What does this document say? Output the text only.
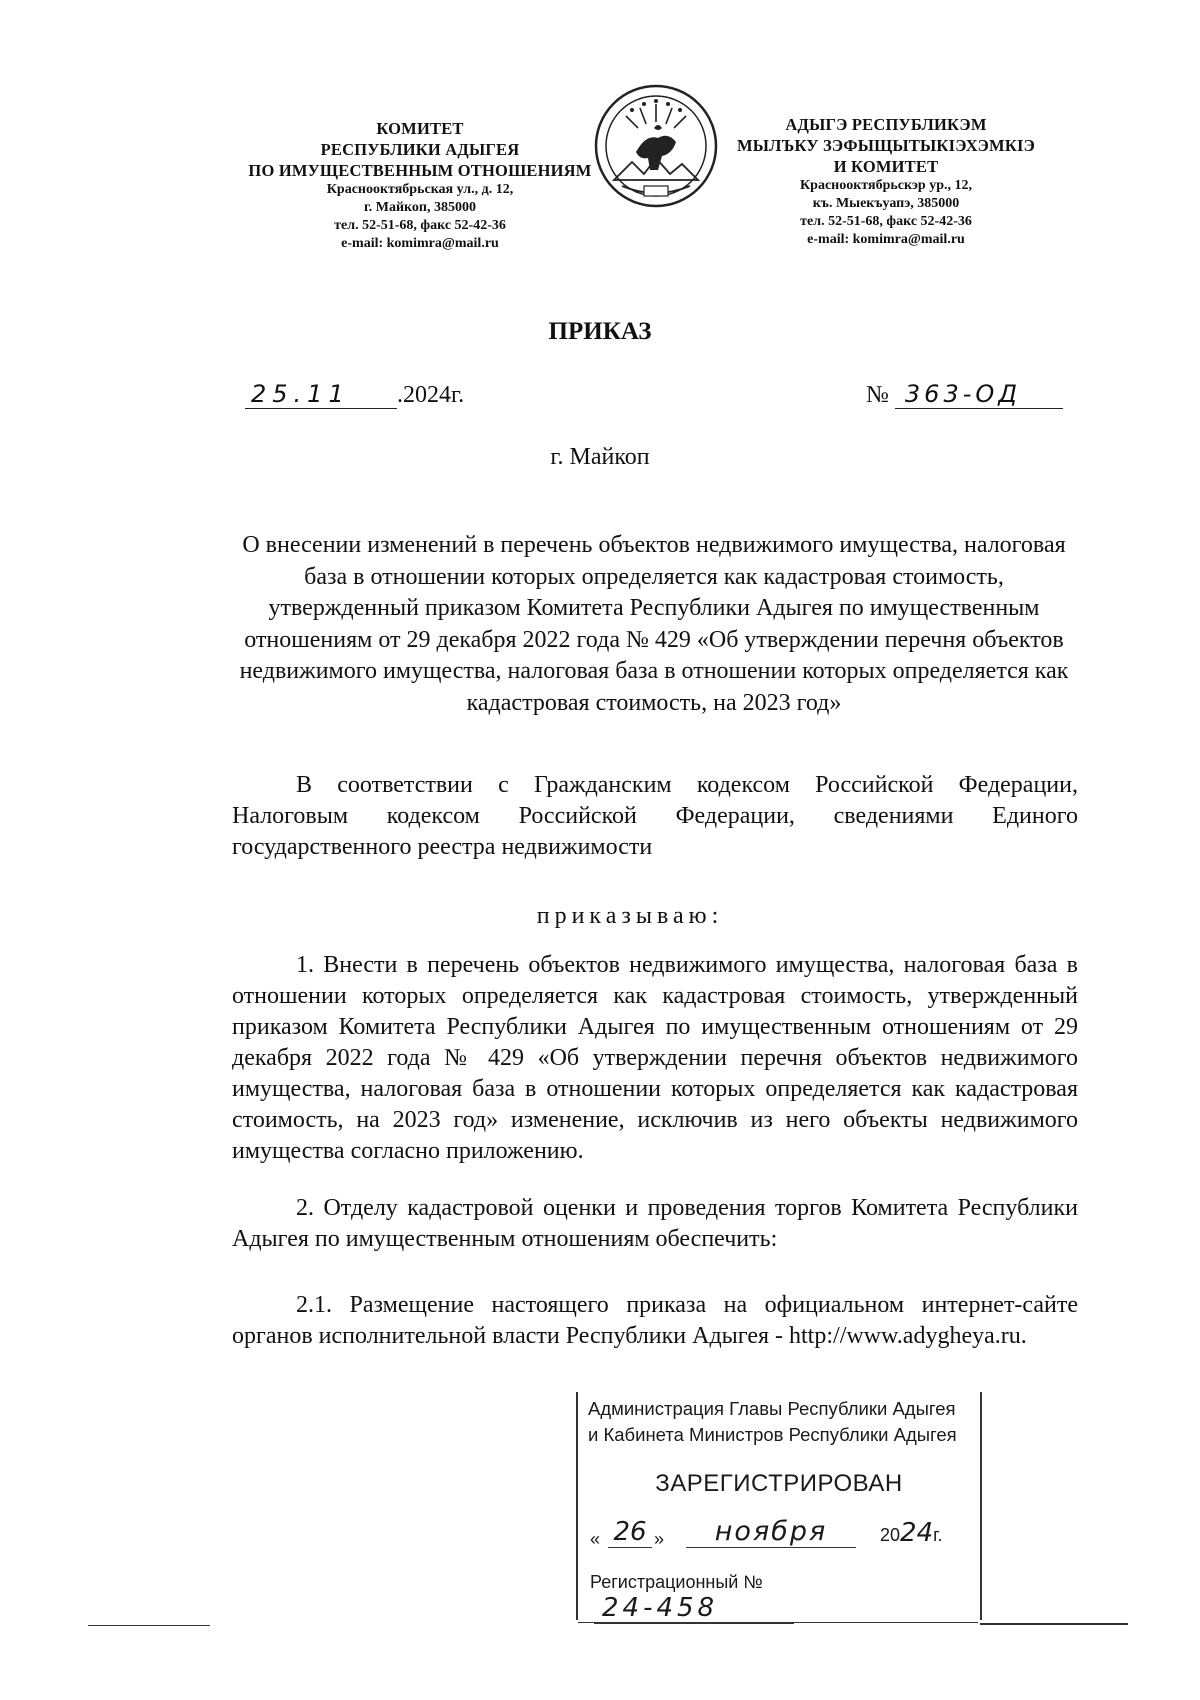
КОМИТЕТ
РЕСПУБЛИКИ АДЫГЕЯ
ПО ИМУЩЕСТВЕННЫМ ОТНОШЕНИЯМ
Краснооктябрьская ул., д. 12,
г. Майкоп, 385000
тел. 52-51-68, факс 52-42-36
e-mail: komimra@mail.ru
АДЫГЭ РЕСПУБЛИКЭМ
МЫЛЪКУ ЗЭФЫЩЫТЫКIЭХЭМКIЭ
И КОМИТЕТ
Краснооктябрьскэр ур., 12,
къ. Мыекъуапэ, 385000
тел. 52-51-68, факс 52-42-36
e-mail: komimra@mail.ru
ПРИКАЗ
25.11 .2024г.	№ 363-ОД
г. Майкоп
О внесении изменений в перечень объектов недвижимого имущества, налоговая база в отношении которых определяется как кадастровая стоимость, утвержденный приказом Комитета Республики Адыгея по имущественным отношениям от 29 декабря 2022 года № 429 «Об утверждении перечня объектов недвижимого имущества, налоговая база в отношении которых определяется как кадастровая стоимость, на 2023 год»
В соответствии с Гражданским кодексом Российской Федерации, Налоговым кодексом Российской Федерации, сведениями Единого государственного реестра недвижимости
приказываю:
1. Внести в перечень объектов недвижимого имущества, налоговая база в отношении которых определяется как кадастровая стоимость, утвержденный приказом Комитета Республики Адыгея по имущественным отношениям от 29 декабря 2022 года № 429 «Об утверждении перечня объектов недвижимого имущества, налоговая база в отношении которых определяется как кадастровая стоимость, на 2023 год» изменение, исключив из него объекты недвижимого имущества согласно приложению.
2. Отделу кадастровой оценки и проведения торгов Комитета Республики Адыгея по имущественным отношениям обеспечить:
2.1. Размещение настоящего приказа на официальном интернет-сайте органов исполнительной власти Республики Адыгея - http://www.adygheya.ru.
Администрация Главы Республики Адыгея
и Кабинета Министров Республики Адыгея
ЗАРЕГИСТРИРОВАН
« 26 »	ноября	2024г.
Регистрационный № 24-458
